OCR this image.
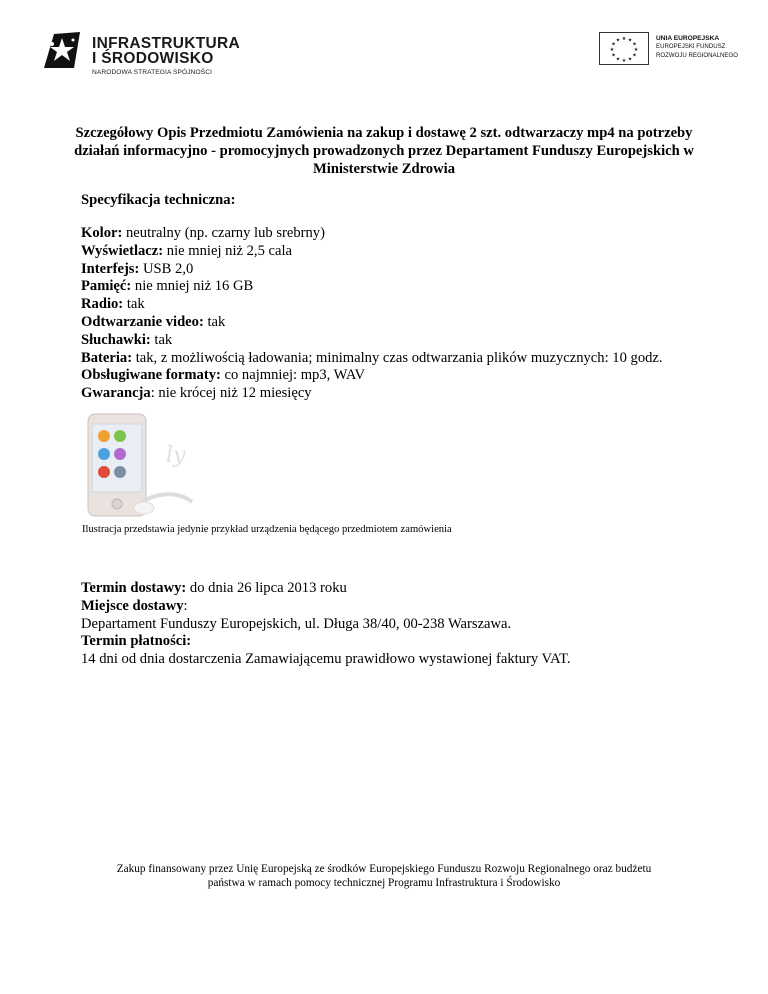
INFRASTRUKTURA
I ŚRODOWISKO
NARODOWA STRATEGIA SPÓJNOŚCI
★ ★
★
★
★
★
★
★
★
★
★
★	UNIA EUROPEJSKA
EUROPEJSKI FUNDUSZ
ROZWOJU REGIONALNEGO
Szczegółowy Opis Przedmiotu Zamówienia na zakup i dostawę 2 szt. odtwarzaczy mp4 na potrzeby działań informacyjno - promocyjnych prowadzonych przez Departament Funduszy Europejskich w Ministerstwie Zdrowia
Specyfikacja techniczna:
Kolor: neutralny (np. czarny lub srebrny)
Wyświetlacz: nie mniej niż 2,5 cala
Interfejs: USB 2,0
Pamięć: nie mniej niż 16 GB
Radio: tak
Odtwarzanie video: tak
Słuchawki: tak
Bateria: tak, z możliwością ładowania; minimalny czas odtwarzania plików muzycznych: 10 godz.
Obsługiwane formaty: co najmniej: mp3, WAV
Gwarancja: nie krócej niż 12 miesięcy
ly
Ilustracja przedstawia jedynie przykład urządzenia będącego przedmiotem zamówienia
Termin dostawy: do dnia 26 lipca 2013 roku
Miejsce dostawy:
Departament Funduszy Europejskich, ul. Długa 38/40, 00-238 Warszawa.
Termin płatności:
14 dni od dnia dostarczenia Zamawiającemu prawidłowo wystawionej faktury VAT.
Zakup finansowany przez Unię Europejską ze środków Europejskiego Funduszu Rozwoju Regionalnego oraz budżetu
państwa w ramach pomocy technicznej Programu Infrastruktura i Środowisko
